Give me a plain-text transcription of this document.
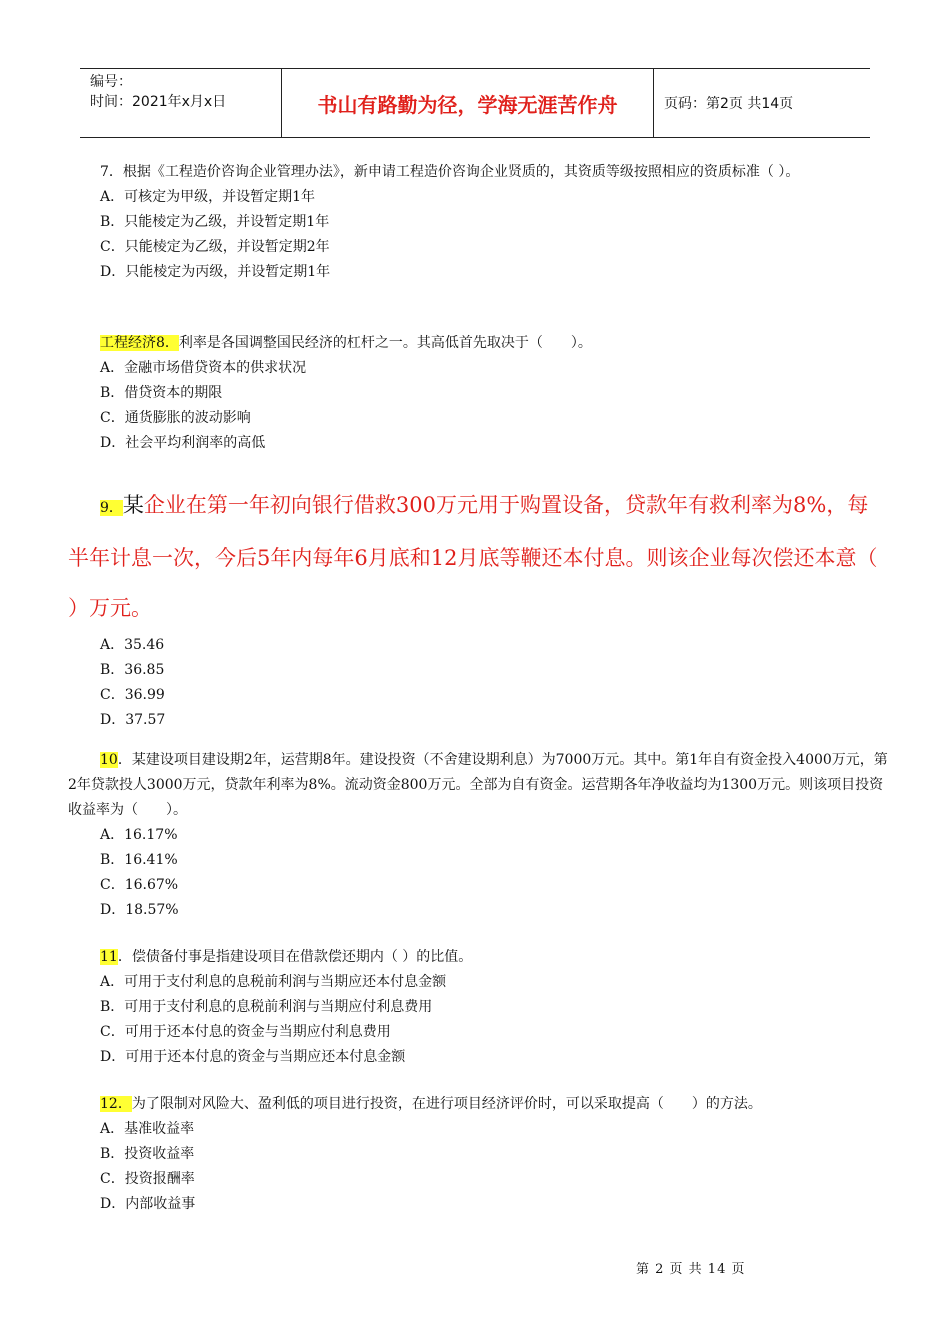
编号：
时间：2021年x月x日	书山有路勤为径，学海无涯苦作舟	页码：第2页 共14页

7．根据《工程造价咨询企业管理办法》，新申请工程造价咨询企业贤质的，其资质等级按照相应的资质标准（ ）。

A．可核定为甲级，并设暂定期1年

B．只能棱定为乙级，并设暂定期1年

C．只能棱定为乙级，并设暂定期2年

D．只能棱定为丙级，并设暂定期1年

工程经济8．利率是各国调整国民经济的杠杆之一。其高低首先取决于（　　）。

A．金融市场借贷资本的供求状况

B．借贷资本的期限

C．通货膨胀的波动影响

D．社会平均利润率的高低

9．某企业在第一年初向银行借救300万元用于购置设备，贷款年有救利率为8%，每半年计息一次，今后5年内每年6月底和12月底等鞭还本付息。则该企业每次偿还本意（ ）万元。

A．35.46

B．36.85

C．36.99

D．37.57

10．某建设项目建设期2年，运营期8年。建设投资（不舍建设期利息）为7000万元。其中。第1年自有资金投入4000万元，第2年贷款投人3000万元，贷款年利率为8%。流动资金800万元。全部为自有资金。运营期各年净收益均为1300万元。则该项目投资收益率为（　　）。

A．16.17%

B．16.41%

C．16.67%

D．18.57%

11．偿债备付事是指建设项目在借款偿还期内（ ）的比值。

A．可用于支付利息的息税前利润与当期应还本付息金额

B．可用于支付利息的息税前利润与当期应付利息费用

C．可用于还本付息的资金与当期应付利息费用

D．可用于还本付息的资金与当期应还本付息金额

12．为了限制对风险大、盈利低的项目进行投资，在进行项目经济评价时，可以采取提高（　　）的方法。

A．基准收益率

B．投资收益率

C．投资报酬率

D．内部收益事

第 2 页 共 14 页
